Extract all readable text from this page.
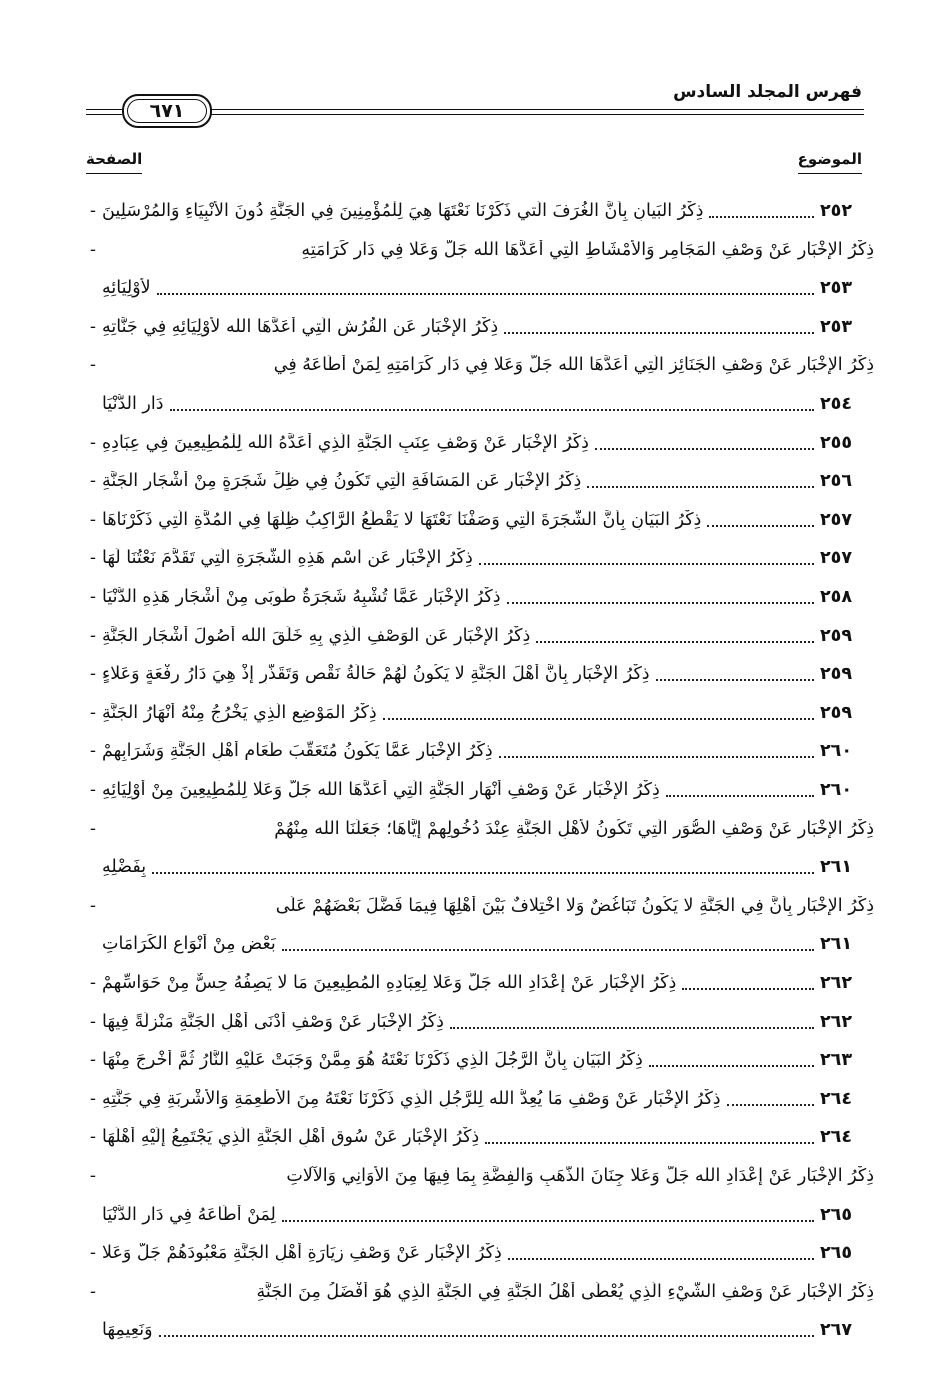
فهرس المجلد السادس
٦٧١
الموضوع
الصفحة
- ذِكْرُ البَيانِ بِأَنَّ الغُرَفَ الَّتي ذَكَرْنَا نَعْتَهَا هِيَ لِلْمُؤْمِنِينَ فِي الجَنَّةِ دُونَ الأَنْبِيَاءِ وَالمُرْسَلِينَ	٢٥٢
-	ذِكْرُ الإِخْبَارِ عَنْ وَصْفِ المَجَامِرِ وَالأَمْشَاطِ الَّتِي أَعَدَّهَا الله جَلَّ وَعَلا فِي دَارِ كَرَامَتِهِ
لأَوْلِيَائِهِ	٢٥٣
- ذِكْرُ الإِخْبَارِ عَنِ الفُرُشِ الَّتِي أَعَدَّهَا الله لأَوْلِيَائِهِ فِي جَنَّاتِهِ	٢٥٣
-	ذِكْرُ الإِخْبَارِ عَنْ وَصْفِ الجَنَائِزِ الَّتِي أَعَدَّهَا الله جَلَّ وَعَلا فِي دَارِ كَرَامَتِهِ لِمَنْ أَطَاعَهُ فِي
دَارِ الدُّنْيَا	٢٥٤
- ذِكْرُ الإِخْبَارِ عَنْ وَصْفِ عِنَبِ الجَنَّةِ الَّذِي أَعَدَّهُ الله لِلْمُطِيعِينَ فِي عِبَادِهِ	٢٥٥
- ذِكْرُ الإِخْبَارِ عَنِ المَسَافَةِ الَّتِي تَكُونُ فِي ظِلِّ شَجَرَةٍ مِنْ أَشْجَارِ الجَنَّةِ	٢٥٦
- ذِكْرُ البَيَانِ بِأَنَّ الشَّجَرَةَ الَّتِي وَصَفْنَا نَعْتَهَا لا يَقْطَعُ الرَّاكِبُ ظِلَّهَا فِي المُدَّةِ الَّتِي ذَكَرْنَاهَا	٢٥٧
- ذِكْرُ الإِخْبَارِ عَنِ اسْمِ هَذِهِ الشَّجَرَةِ الَّتِي تَقَدَّمَ نَعْتُنَا لَهَا	٢٥٧
- ذِكْرُ الإِخْبَارِ عَمَّا تُشْبِهُ شَجَرَةُ طُوبَى مِنْ أَشْجَارِ هَذِهِ الدُّنْيَا	٢٥٨
- ذِكْرُ الإِخْبَارِ عَنِ الوَصْفِ الَّذِي بِهِ خَلَقَ الله أُصُولَ أَشْجَارِ الجَنَّةِ	٢٥٩
- ذِكْرُ الإِخْبَارِ بِأَنَّ أَهْلَ الجَنَّةِ لا يَكُونُ لَهُمْ حَالَةُ نَقْصٍ وَتَقَذُّرٍ إِذْ هِيَ دَارُ رِفْعَةٍ وَعَلاءٍ	٢٥٩
- ذِكْرُ المَوْضِعِ الَّذِي يَخْرُجُ مِنْهُ أَنْهَارُ الجَنَّةِ	٢٥٩
- ذِكْرُ الإِخْبَارِ عَمَّا يَكُونُ مُتَعَقَّبَ طَعَامِ أَهْلِ الجَنَّةِ وَشَرَابِهِمْ	٢٦٠
- ذِكْرُ الإِخْبَارِ عَنْ وَصْفِ أَنْهَارِ الجَنَّةِ الَّتِي أَعَدَّهَا الله جَلَّ وَعَلا لِلْمُطِيعِينَ مِنْ أَوْلِيَائِهِ	٢٦٠
-	ذِكْرُ الإِخْبَارِ عَنْ وَصْفِ الصُّوَرِ الَّتِي تَكُونُ لأَهْلِ الجَنَّةِ عِنْدَ دُخُولِهِمْ إِيَّاهَا؛ جَعَلَنَا الله مِنْهُمْ
بِفَضْلِهِ	٢٦١
-	ذِكْرُ الإِخْبَارِ بِأَنَّ فِي الجَنَّةِ لا يَكُونُ تَبَاغُضٌ وَلا اخْتِلافٌ بَيْنَ أَهْلِهَا فِيمَا فَضَّلَ بَعْضَهُمْ عَلَى
بَعْضٍ مِنْ أَنْوَاعِ الكَرَامَاتِ	٢٦١
- ذِكْرُ الإِخْبَارِ عَنْ إِعْدَادِ الله جَلَّ وَعَلا لِعِبَادِهِ المُطِيعِينَ مَا لا يَصِفُهُ حِسٌّ مِنْ حَوَاسِّهِمْ	٢٦٢
- ذِكْرُ الإِخْبَارِ عَنْ وَصْفِ أَدْنَى أَهْلِ الجَنَّةِ مَنْزِلَةً فِيهَا	٢٦٢
- ذِكْرُ البَيَانِ بِأَنَّ الرَّجُلَ الَّذِي ذَكَرْنَا نَعْتَهُ هُوَ مِمَّنْ وَجَبَتْ عَلَيْهِ النَّارُ ثُمَّ أُخْرِجَ مِنْهَا	٢٦٣
- ذِكْرُ الإِخْبَارِ عَنْ وَصْفِ مَا يُعِدُّ الله لِلرَّجُلِ الَّذِي ذَكَرْنَا نَعْتَهُ مِنَ الأَطْعِمَةِ وَالأَشْرِبَةِ فِي جَنَّتِهِ	٢٦٤
- ذِكْرُ الإِخْبَارِ عَنْ سُوقِ أَهْلِ الجَنَّةِ الَّذِي يَجْتَمِعُ إِلَيْهِ أَهْلُهَا	٢٦٤
-	ذِكْرُ الإِخْبَارِ عَنْ إِعْدَادِ الله جَلَّ وَعَلا جِنَانَ الذَّهَبِ وَالفِضَّةِ بِمَا فِيهَا مِنَ الأَوَانِي وَالآلاتِ
لِمَنْ أَطَاعَهُ فِي دَارِ الدُّنْيَا	٢٦٥
- ذِكْرُ الإِخْبَارِ عَنْ وَصْفِ زِيَارَةِ أَهْلِ الجَنَّةِ مَعْبُودَهُمْ جَلَّ وَعَلا	٢٦٥
-	ذِكْرُ الإِخْبَارِ عَنْ وَصْفِ الشَّيْءِ الَّذِي يُعْطَى أَهْلُ الجَنَّةِ فِي الجَنَّةِ الَّذِي هُوَ أَفْضَلُ مِنَ الجَنَّةِ
وَنَعِيمِهَا	٢٦٧
